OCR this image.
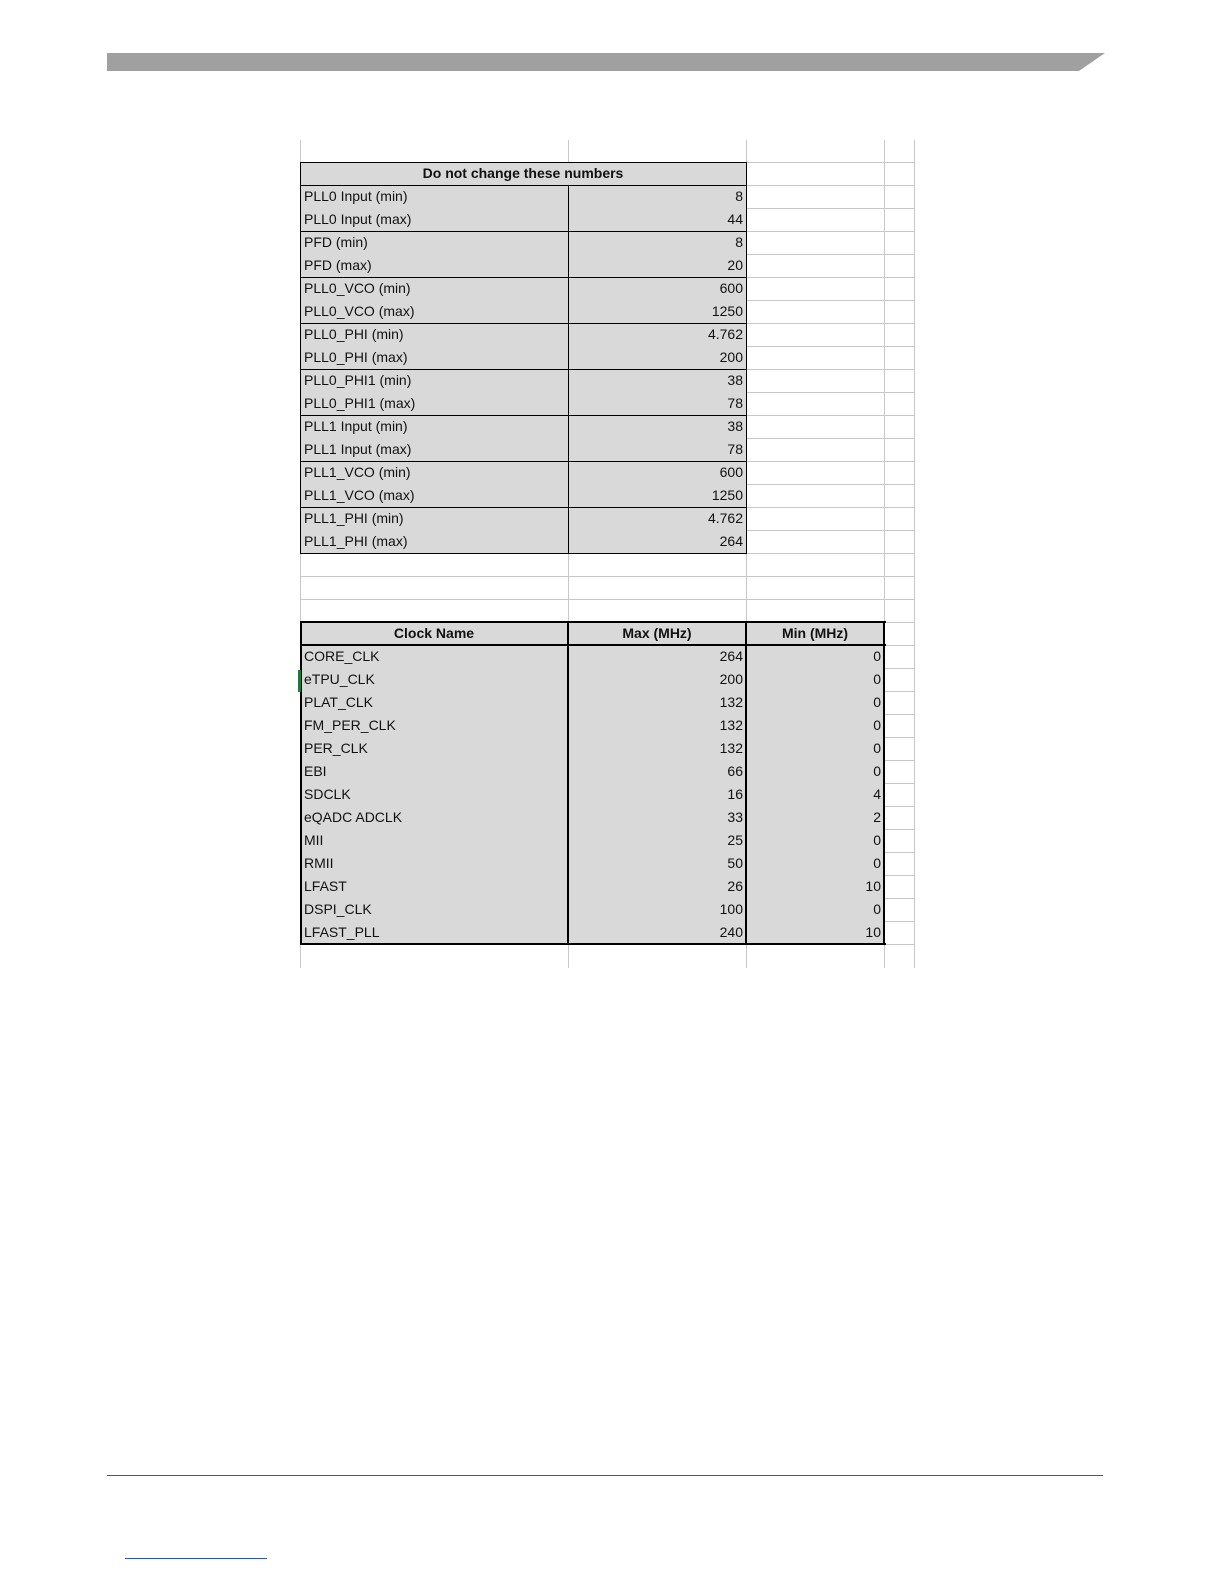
Do not change these numbers
PLL0 Input (min)	8
PLL0 Input (max)	44
PFD (min)	8
PFD (max)	20
PLL0_VCO (min)	600
PLL0_VCO (max)	1250
PLL0_PHI (min)	4.762
PLL0_PHI (max)	200
PLL0_PHI1 (min)	38
PLL0_PHI1 (max)	78
PLL1 Input (min)	38
PLL1 Input (max)	78
PLL1_VCO (min)	600
PLL1_VCO (max)	1250
PLL1_PHI (min)	4.762
PLL1_PHI (max)	264
Clock Name	Max (MHz)	Min (MHz)
CORE_CLK	264	0
eTPU_CLK	200	0
PLAT_CLK	132	0
FM_PER_CLK	132	0
PER_CLK	132	0
EBI	66	0
SDCLK	16	4
eQADC ADCLK	33	2
MII	25	0
RMII	50	0
LFAST	26	10
DSPI_CLK	100	0
LFAST_PLL	240	10
